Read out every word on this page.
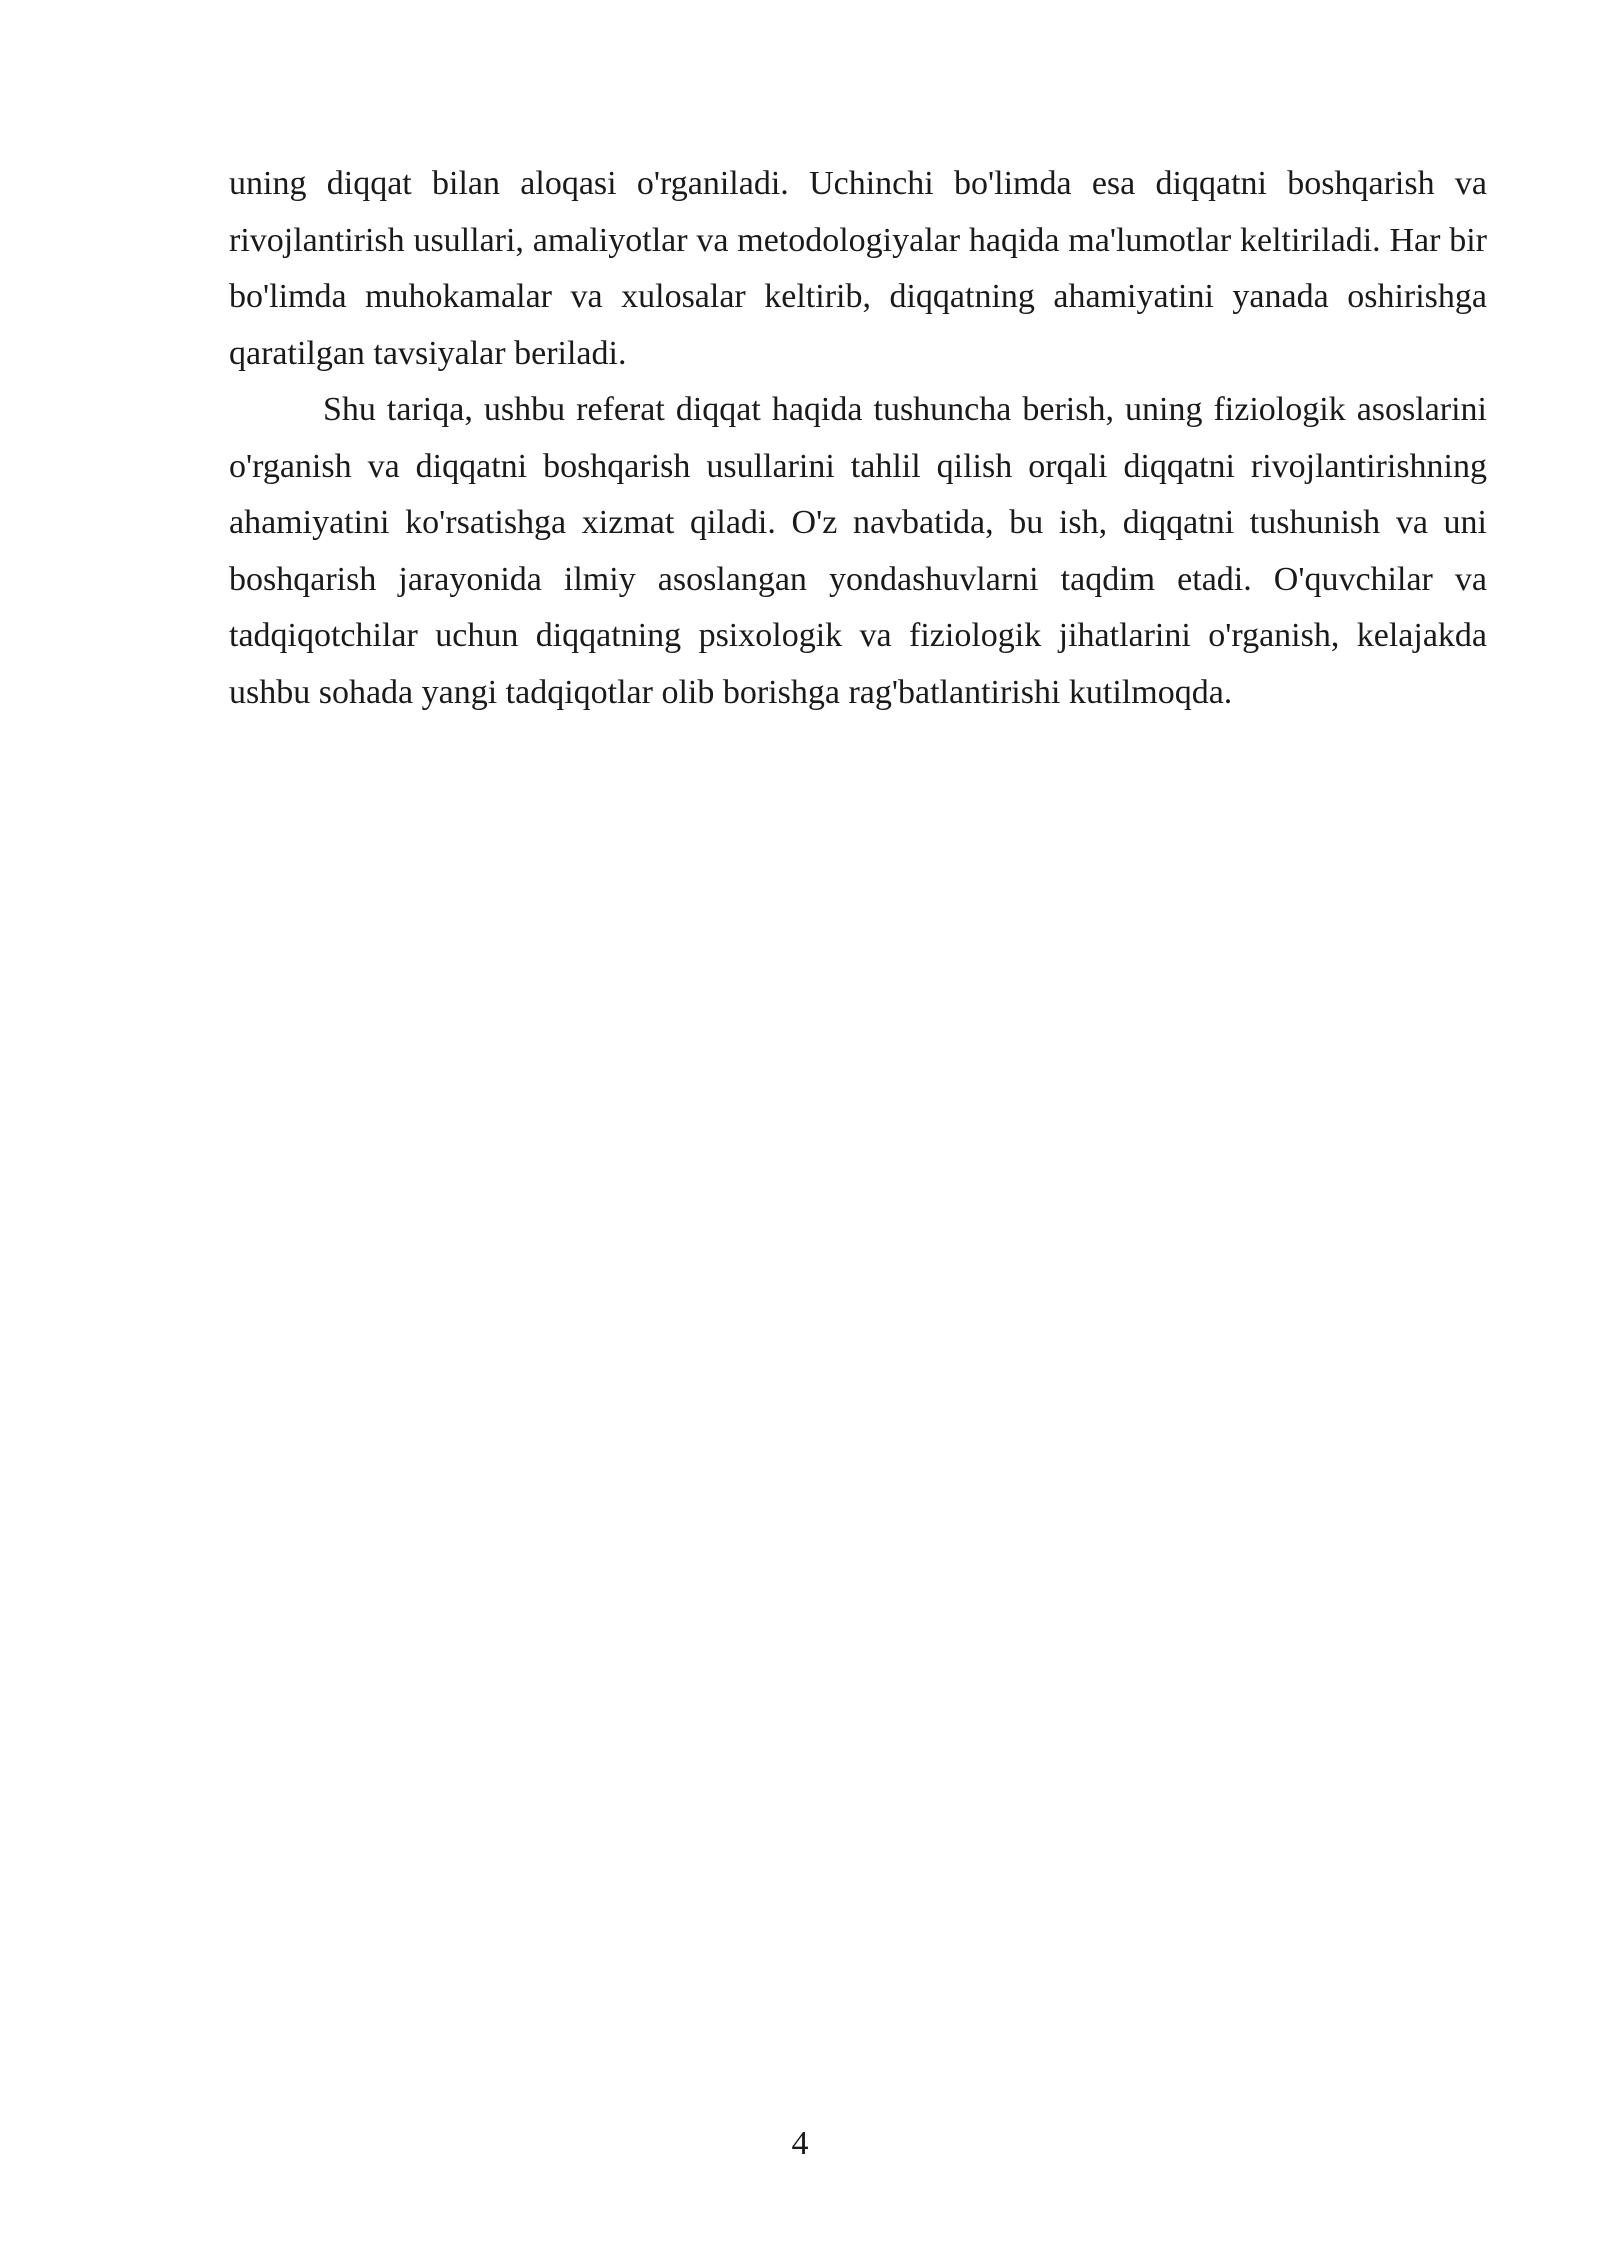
uning diqqat bilan aloqasi o'rganiladi. Uchinchi bo'limda esa diqqatni boshqarish va rivojlantirish usullari, amaliyotlar va metodologiyalar haqida ma'lumotlar keltiriladi. Har bir bo'limda muhokamalar va xulosalar keltirib, diqqatning ahamiyatini yanada oshirishga qaratilgan tavsiyalar beriladi.

Shu tariqa, ushbu referat diqqat haqida tushuncha berish, uning fiziologik asoslarini o'rganish va diqqatni boshqarish usullarini tahlil qilish orqali diqqatni rivojlantirishning ahamiyatini ko'rsatishga xizmat qiladi. O'z navbatida, bu ish, diqqatni tushunish va uni boshqarish jarayonida ilmiy asoslangan yondashuvlarni taqdim etadi. O'quvchilar va tadqiqotchilar uchun diqqatning psixologik va fiziologik jihatlarini o'rganish, kelajakda ushbu sohada yangi tadqiqotlar olib borishga rag'batlantirishi kutilmoqda.

4
